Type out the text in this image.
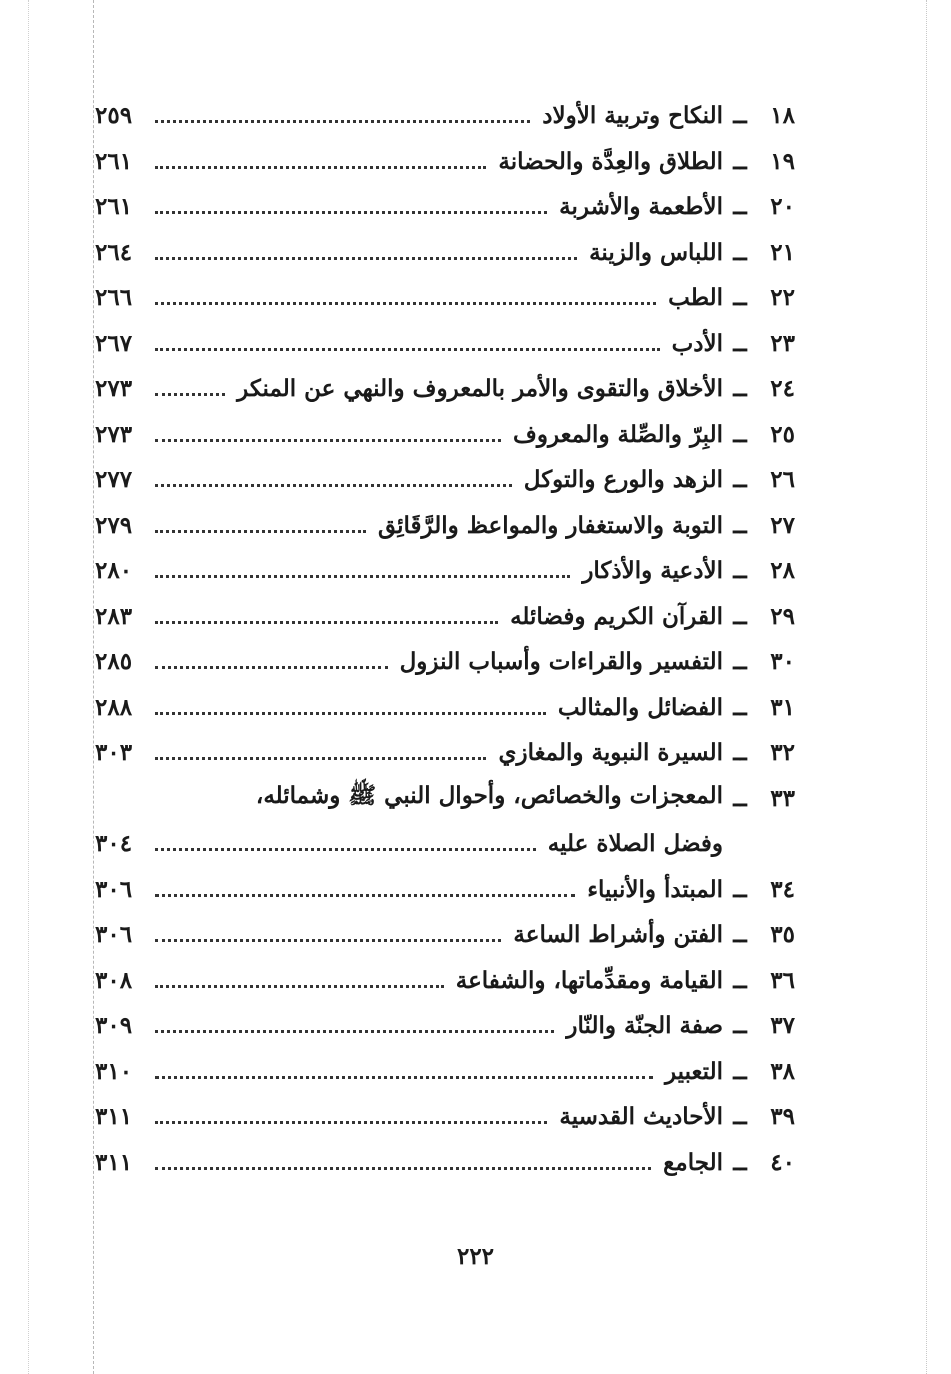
١٨
ــ
النكاح وتربية الأولاد
٢٥٩
١٩
ــ
الطلاق والعِدَّة والحضانة
٢٦١
٢٠
ــ
الأطعمة والأشربة
٢٦١
٢١
ــ
اللباس والزينة
٢٦٤
٢٢
ــ
الطب
٢٦٦
٢٣
ــ
الأدب
٢٦٧
٢٤
ــ
الأخلاق والتقوى والأمر بالمعروف والنهي عن المنكر
٢٧٣
٢٥
ــ
البِرّ والصِّلة والمعروف
٢٧٣
٢٦
ــ
الزهد والورع والتوكل
٢٧٧
٢٧
ــ
التوبة والاستغفار والمواعظ والرَّقَائِق
٢٧٩
٢٨
ــ
الأدعية والأذكار
٢٨٠
٢٩
ــ
القرآن الكريم وفضائله
٢٨٣
٣٠
ــ
التفسير والقراءات وأسباب النزول
٢٨٥
٣١
ــ
الفضائل والمثالب
٢٨٨
٣٢
ــ
السيرة النبوية والمغازي
٣٠٣
٣٣
ــ
المعجزات والخصائص، وأحوال النبي ﷺ وشمائله،
وفضل الصلاة عليه
٣٠٤
٣٤
ــ
المبتدأ والأنبياء
٣٠٦
٣٥
ــ
الفتن وأشراط الساعة
٣٠٦
٣٦
ــ
القيامة ومقدِّماتها، والشفاعة
٣٠٨
٣٧
ــ
صفة الجنّة والنّار
٣٠٩
٣٨
ــ
التعبير
٣١٠
٣٩
ــ
الأحاديث القدسية
٣١١
٤٠
ــ
الجامع
٣١١
٢٢٢
